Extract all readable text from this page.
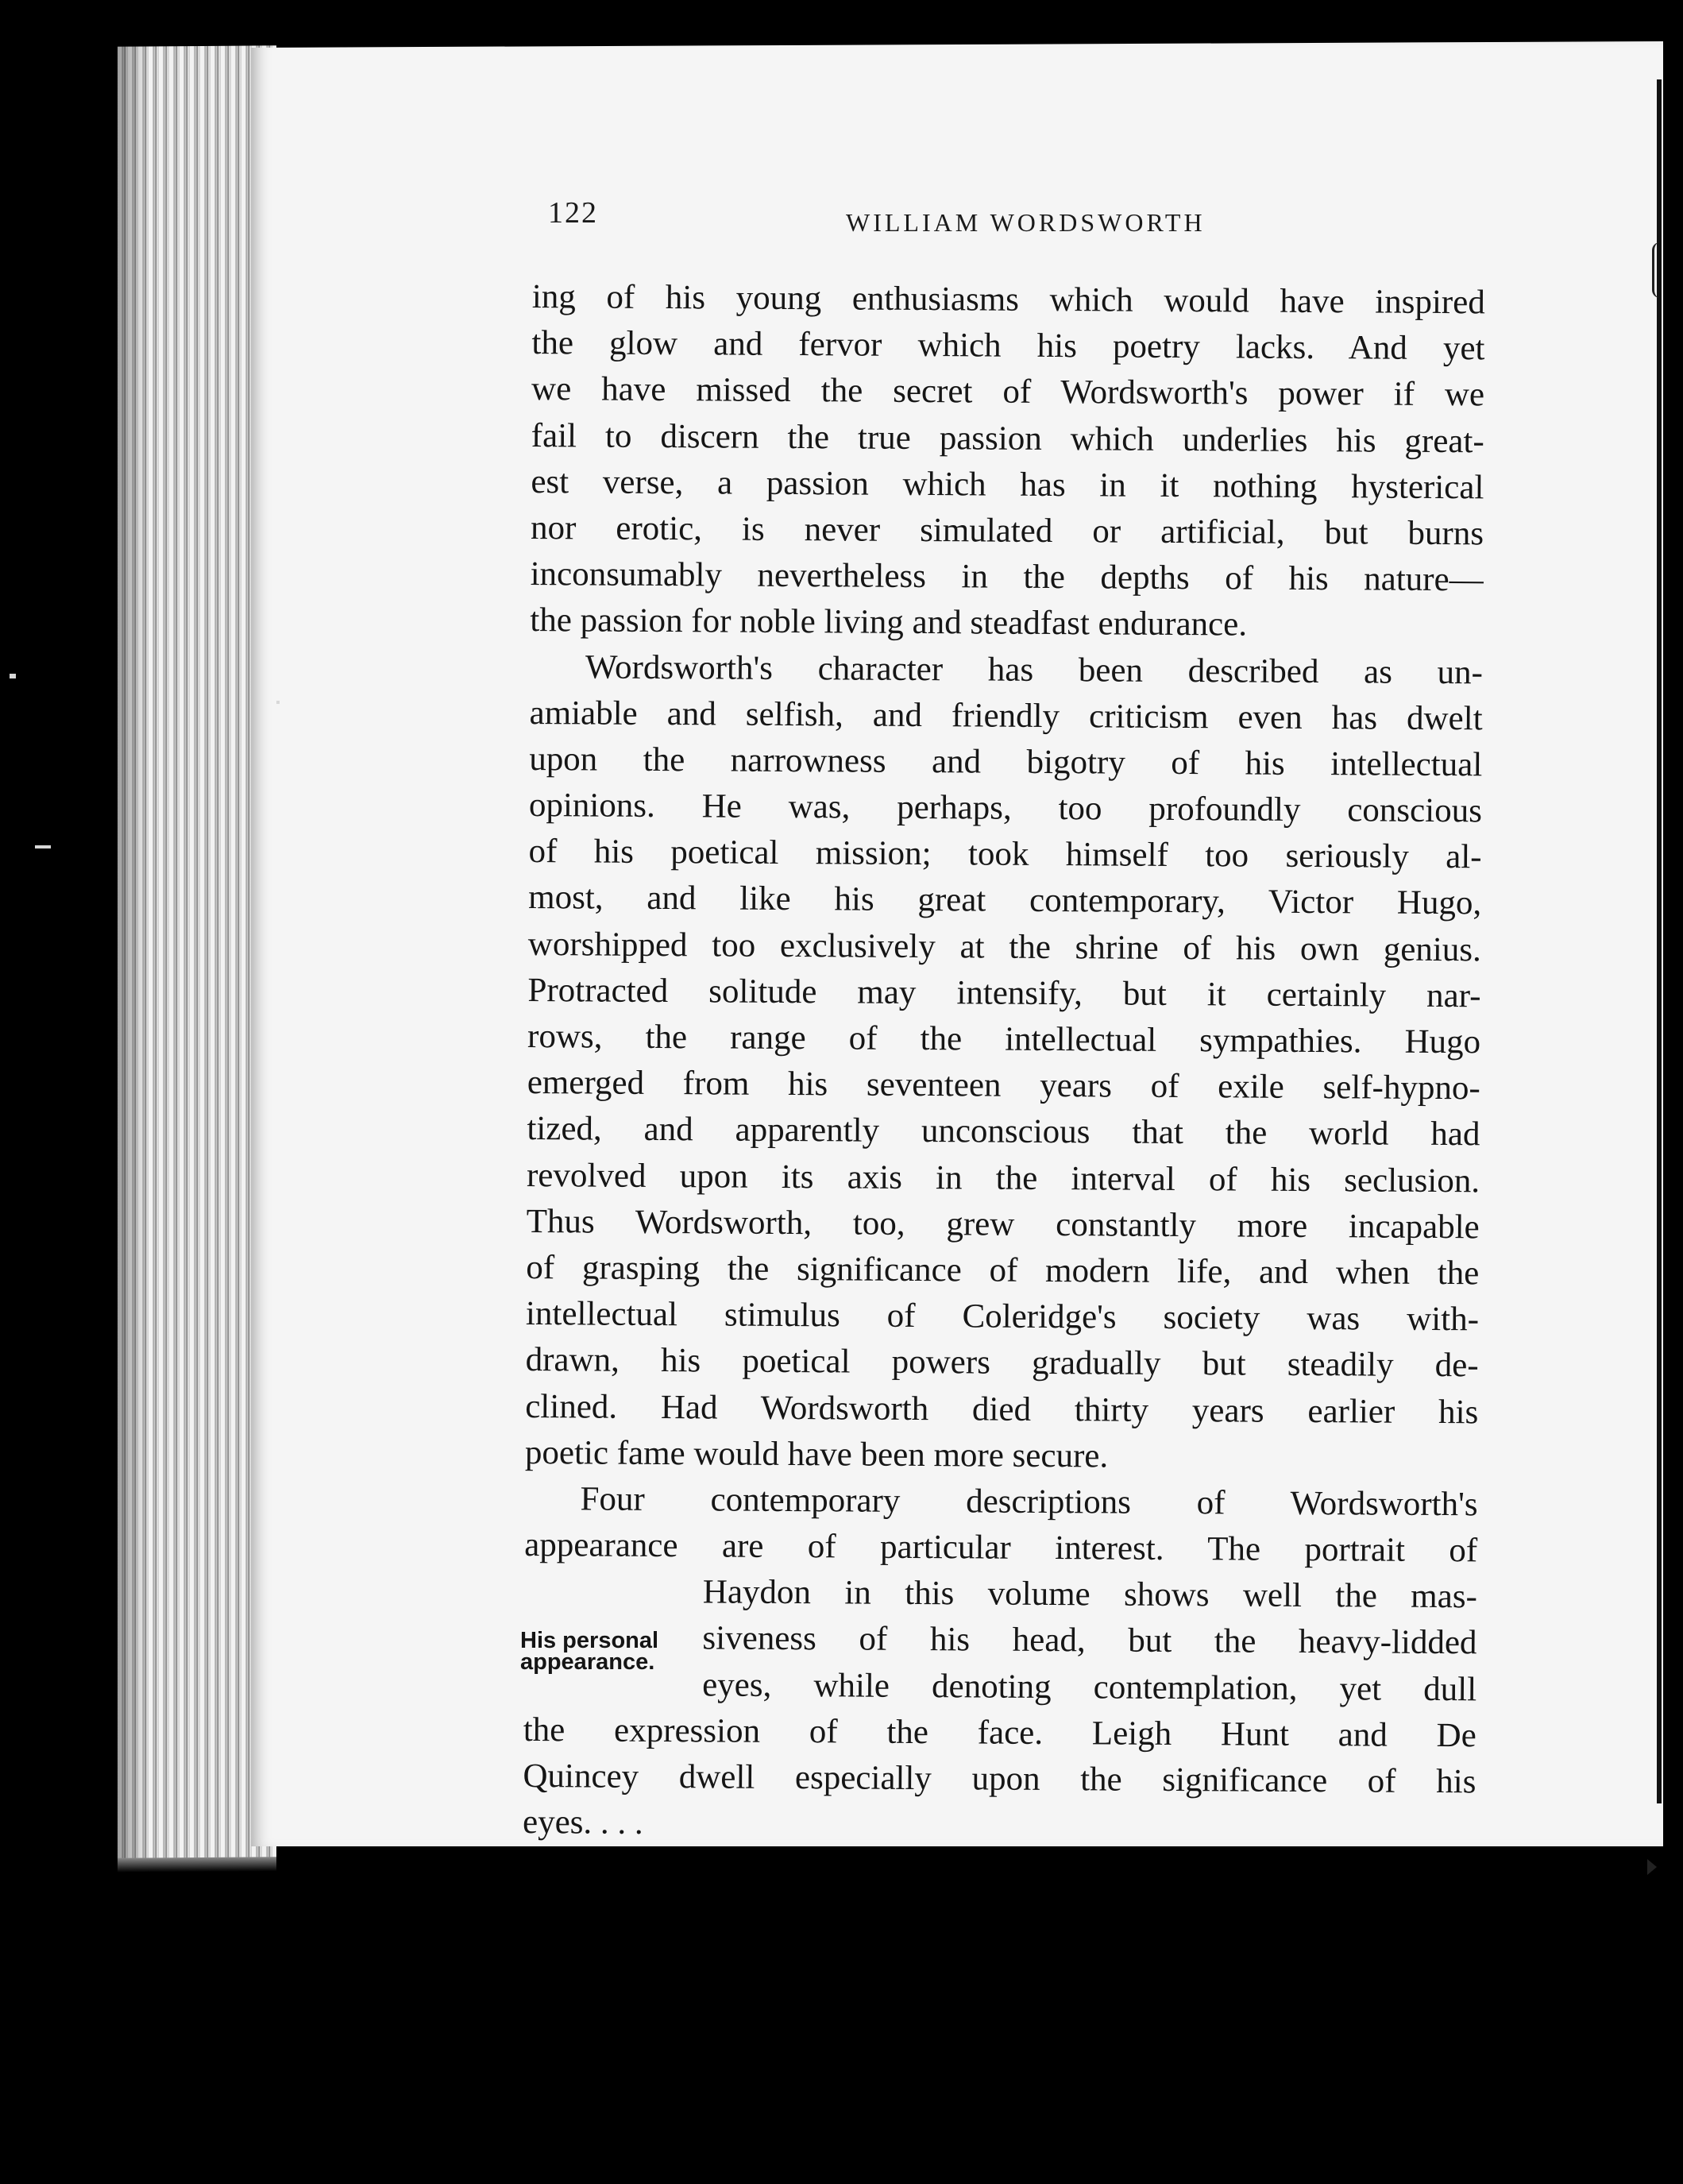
122	WILLIAM WORDSWORTH
His personal
appearance.
ing of his young enthusiasms which would have inspired
the glow and fervor which his poetry lacks. And yet
we have missed the secret of Wordsworth's power if we
fail to discern the true passion which underlies his great-
est verse, a passion which has in it nothing hysterical
nor erotic, is never simulated or artificial, but burns
inconsumably nevertheless in the depths of his nature—
the passion for noble living and steadfast endurance.
Wordsworth's character has been described as un-
amiable and selfish, and friendly criticism even has dwelt
upon the narrowness and bigotry of his intellectual
opinions. He was, perhaps, too profoundly conscious
of his poetical mission; took himself too seriously al-
most, and like his great contemporary, Victor Hugo,
worshipped too exclusively at the shrine of his own genius.
Protracted solitude may intensify, but it certainly nar-
rows, the range of the intellectual sympathies. Hugo
emerged from his seventeen years of exile self-hypno-
tized, and apparently unconscious that the world had
revolved upon its axis in the interval of his seclusion.
Thus Wordsworth, too, grew constantly more incapable
of grasping the significance of modern life, and when the
intellectual stimulus of Coleridge's society was with-
drawn, his poetical powers gradually but steadily de-
clined. Had Wordsworth died thirty years earlier his
poetic fame would have been more secure.
Four contemporary descriptions of Wordsworth's
appearance are of particular interest. The portrait of
Haydon in this volume shows well the mas-
siveness of his head, but the heavy-lidded
eyes, while denoting contemplation, yet dull
the expression of the face. Leigh Hunt and De
Quincey dwell especially upon the significance of his
eyes. . . .
